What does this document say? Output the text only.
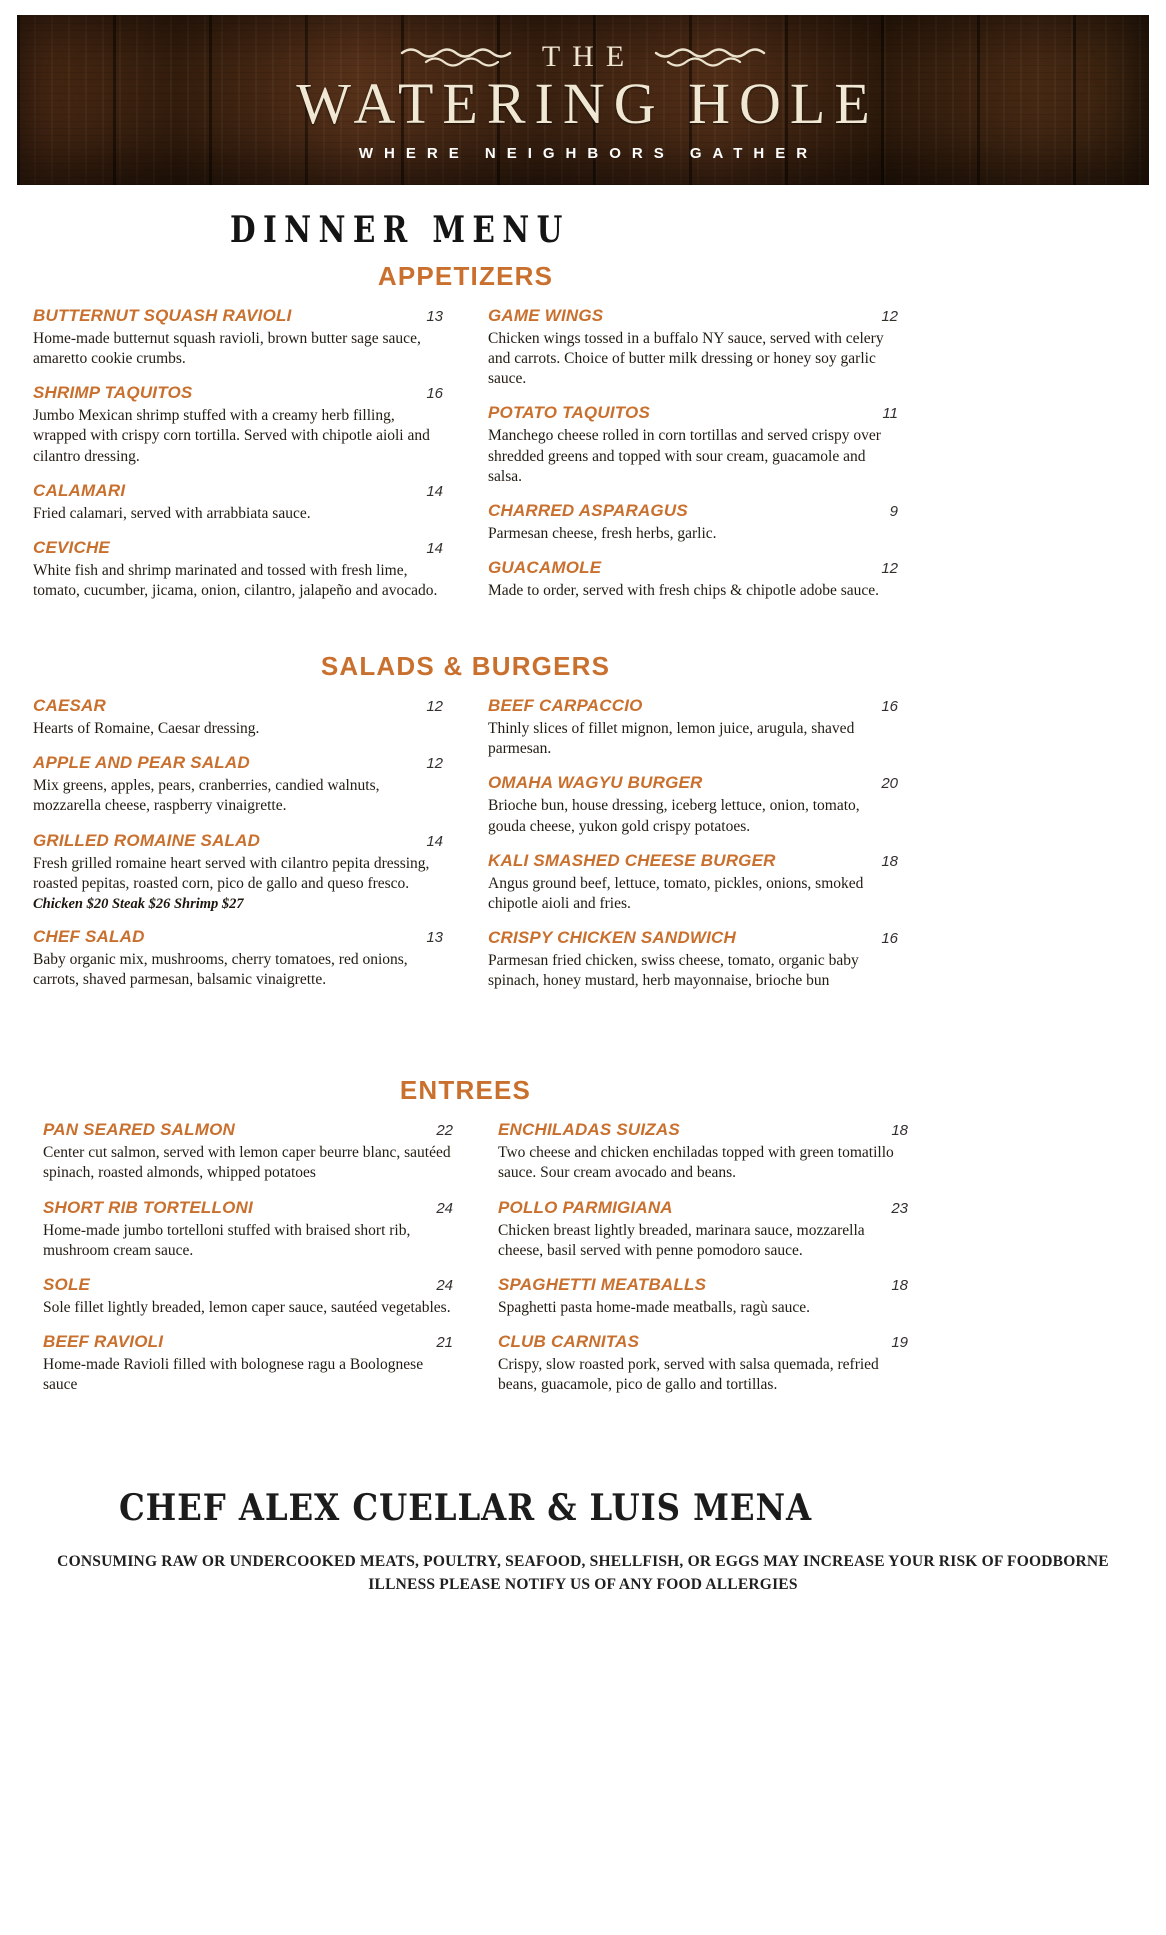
THE
WATERING HOLE
WHERE NEIGHBORS GATHER
DINNER MENU
APPETIZERS
BUTTERNUT SQUASH RAVIOLI	13

Home-made butternut squash ravioli, brown butter sage sauce, amaretto cookie crumbs.

SHRIMP TAQUITOS	16

Jumbo Mexican shrimp stuffed with a creamy herb filling, wrapped with crispy corn tortilla. Served with chipotle aioli and cilantro dressing.

CALAMARI	14

Fried calamari, served with arrabbiata sauce.

CEVICHE	14

White fish and shrimp marinated and tossed with fresh lime, tomato, cucumber, jicama, onion, cilantro, jalapeño and avocado.

GAME WINGS	12

Chicken wings tossed in a buffalo NY sauce, served with celery and carrots. Choice of butter milk dressing or honey soy garlic sauce.

POTATO TAQUITOS	11

Manchego cheese rolled in corn tortillas and served crispy over shredded greens and topped with sour cream, guacamole and salsa.

CHARRED ASPARAGUS	9

Parmesan cheese, fresh herbs, garlic.

GUACAMOLE	12

Made to order, served with fresh chips & chipotle adobe sauce.

SALADS & BURGERS
CAESAR	12

Hearts of Romaine, Caesar dressing.

APPLE AND PEAR SALAD	12

Mix greens, apples, pears, cranberries, candied walnuts, mozzarella cheese, raspberry vinaigrette.

GRILLED ROMAINE SALAD	14

Fresh grilled romaine heart served with cilantro pepita dressing, roasted pepitas, roasted corn, pico de gallo and queso fresco.

Chicken $20 Steak $26 Shrimp $27

CHEF SALAD	13

Baby organic mix, mushrooms, cherry tomatoes, red onions, carrots, shaved parmesan, balsamic vinaigrette.

BEEF CARPACCIO	16

Thinly slices of fillet mignon, lemon juice, arugula, shaved parmesan.

OMAHA WAGYU BURGER	20

Brioche bun, house dressing, iceberg lettuce, onion, tomato, gouda cheese, yukon gold crispy potatoes.

KALI SMASHED CHEESE BURGER	18

Angus ground beef, lettuce, tomato, pickles, onions, smoked chipotle aioli and fries.

CRISPY CHICKEN SANDWICH	16

Parmesan fried chicken, swiss cheese, tomato, organic baby spinach, honey mustard, herb mayonnaise, brioche bun

ENTREES
PAN SEARED SALMON	22

Center cut salmon, served with lemon caper beurre blanc, sautéed spinach, roasted almonds, whipped potatoes

SHORT RIB TORTELLONI	24

Home-made jumbo tortelloni stuffed with braised short rib, mushroom cream sauce.

SOLE	24

Sole fillet lightly breaded, lemon caper sauce, sautéed vegetables.

BEEF RAVIOLI	21

Home-made Ravioli filled with bolognese ragu a Boolognese sauce

ENCHILADAS SUIZAS	18

Two cheese and chicken enchiladas topped with green tomatillo sauce. Sour cream avocado and beans.

POLLO PARMIGIANA	23

Chicken breast lightly breaded, marinara sauce, mozzarella cheese, basil served with penne pomodoro sauce.

SPAGHETTI MEATBALLS	18

Spaghetti pasta home-made meatballs, ragù sauce.

CLUB CARNITAS	19

Crispy, slow roasted pork, served with salsa quemada, refried beans, guacamole, pico de gallo and tortillas.

CHEF ALEX CUELLAR & LUIS MENA
CONSUMING RAW OR UNDERCOOKED MEATS, POULTRY, SEAFOOD, SHELLFISH, OR EGGS MAY INCREASE YOUR RISK OF FOODBORNE ILLNESS PLEASE NOTIFY US OF ANY FOOD ALLERGIES
